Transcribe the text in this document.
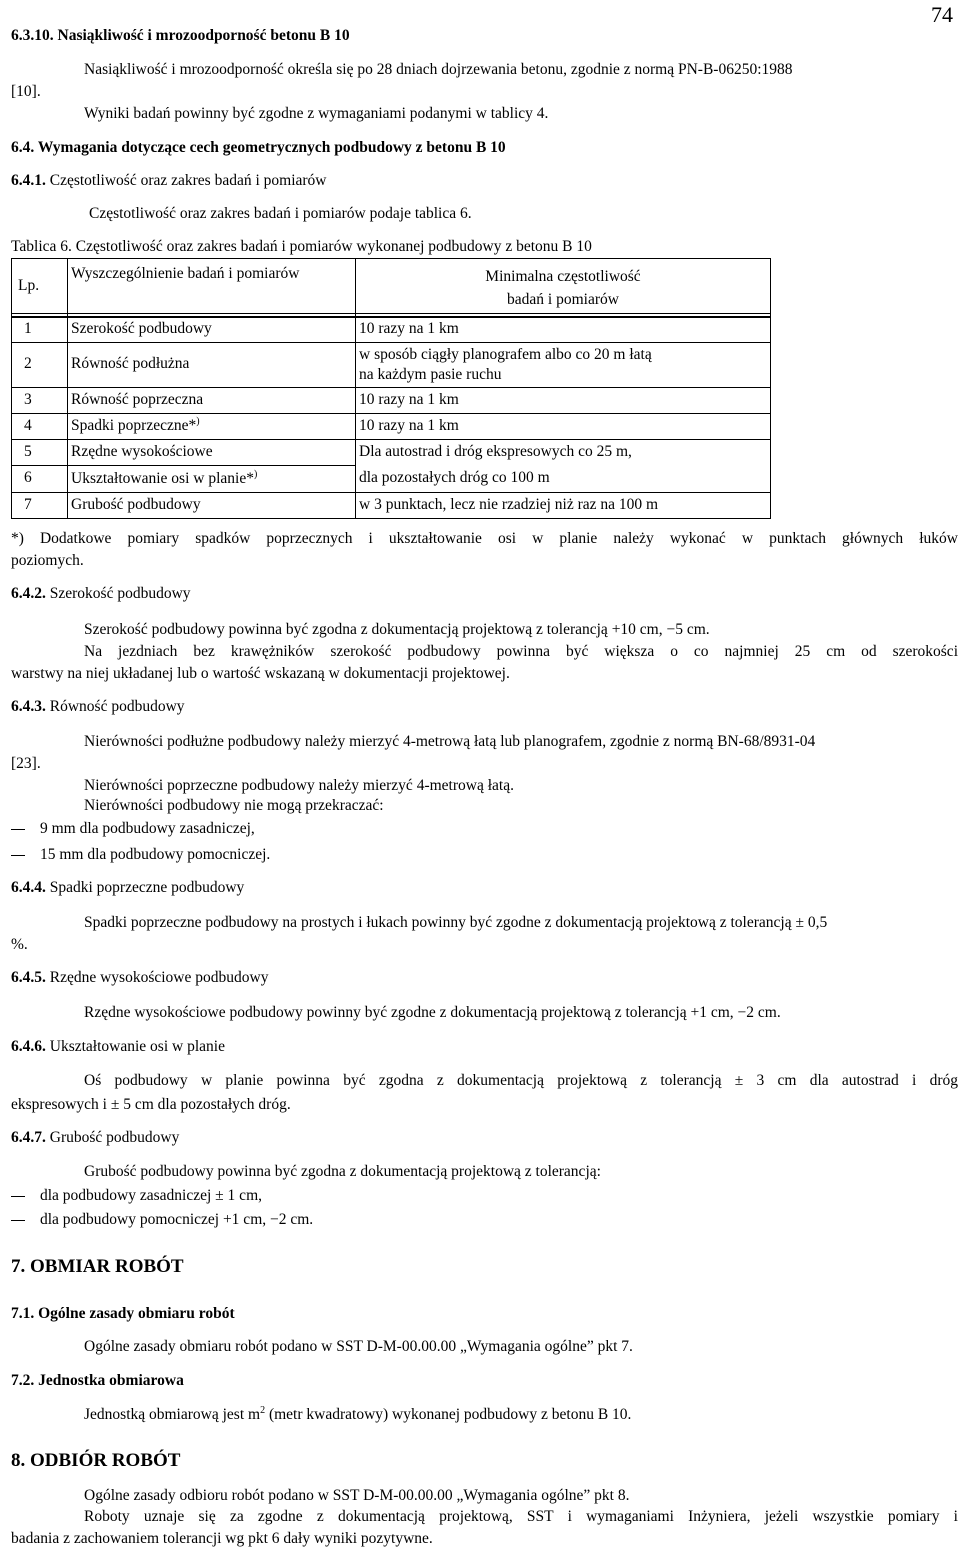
74
6.3.10. Nasiąkliwość i mrozoodporność betonu B 10
Nasiąkliwość i mrozoodporność określa się po 28 dniach dojrzewania betonu, zgodnie z normą PN-B-06250:1988
[10].
Wyniki badań powinny być zgodne z wymaganiami podanymi w tablicy 4.
6.4. Wymagania dotyczące cech geometrycznych podbudowy z betonu B 10
6.4.1. Częstotliwość oraz zakres badań i pomiarów
Częstotliwość oraz zakres badań i pomiarów podaje tablica 6.
Tablica 6. Częstotliwość oraz zakres badań i pomiarów wykonanej podbudowy z betonu B 10
Lp.	Wyszczególnienie badań i pomiarów	Minimalna częstotliwość
badań i pomiarów

1	Szerokość podbudowy	10 razy na 1 km
2	Równość podłużna	w sposób ciągły planografem albo co 20 m łatą
na każdym pasie ruchu

3	Równość poprzeczna	10 razy na 1 km
4	Spadki poprzeczne*)	10 razy na 1 km
5	Rzędne wysokościowe	Dla autostrad i dróg ekspresowych co 25 m,
6	Ukształtowanie osi w planie*)	dla pozostałych dróg co 100 m
7	Grubość podbudowy	w 3 punktach, lecz nie rzadziej niż raz na 100 m
*) Dodatkowe pomiary spadków poprzecznych i ukształtowanie osi w planie należy wykonać w punktach głównych łuków
poziomych.
6.4.2. Szerokość podbudowy
Szerokość podbudowy powinna być zgodna z dokumentacją projektową z tolerancją +10 cm, −5 cm.
Na jezdniach bez krawężników szerokość podbudowy powinna być większa o co najmniej 25 cm od szerokości
warstwy na niej układanej lub o wartość wskazaną w dokumentacji projektowej.
6.4.3. Równość podbudowy
Nierówności podłużne podbudowy należy mierzyć 4-metrową łatą lub planografem, zgodnie z normą BN-68/8931-04
[23].
Nierówności poprzeczne podbudowy należy mierzyć 4-metrową łatą.
Nierówności podbudowy nie mogą przekraczać:
9 mm dla podbudowy zasadniczej,
15 mm dla podbudowy pomocniczej.
6.4.4. Spadki poprzeczne podbudowy
Spadki poprzeczne podbudowy na prostych i łukach powinny być zgodne z dokumentacją projektową z tolerancją ± 0,5
%.
6.4.5. Rzędne wysokościowe podbudowy
Rzędne wysokościowe podbudowy powinny być zgodne z dokumentacją projektową z tolerancją +1 cm, −2 cm.
6.4.6. Ukształtowanie osi w planie
Oś podbudowy w planie powinna być zgodna z dokumentacją projektową z tolerancją ± 3 cm dla autostrad i dróg
ekspresowych i ± 5 cm dla pozostałych dróg.
6.4.7. Grubość podbudowy
Grubość podbudowy powinna być zgodna z dokumentacją projektową z tolerancją:
dla podbudowy zasadniczej ± 1 cm,
dla podbudowy pomocniczej +1 cm, −2 cm.
7. OBMIAR ROBÓT
7.1. Ogólne zasady obmiaru robót
Ogólne zasady obmiaru robót podano w SST D-M-00.00.00 „Wymagania ogólne” pkt 7.
7.2. Jednostka obmiarowa
Jednostką obmiarową jest $m^2$ (metr kwadratowy) wykonanej podbudowy z betonu B 10.
8. ODBIÓR ROBÓT
Ogólne zasady odbioru robót podano w SST D-M-00.00.00 „Wymagania ogólne” pkt 8.
Roboty uznaje się za zgodne z dokumentacją projektową, SST i wymaganiami Inżyniera, jeżeli wszystkie pomiary i
badania z zachowaniem tolerancji wg pkt 6 dały wyniki pozytywne.
